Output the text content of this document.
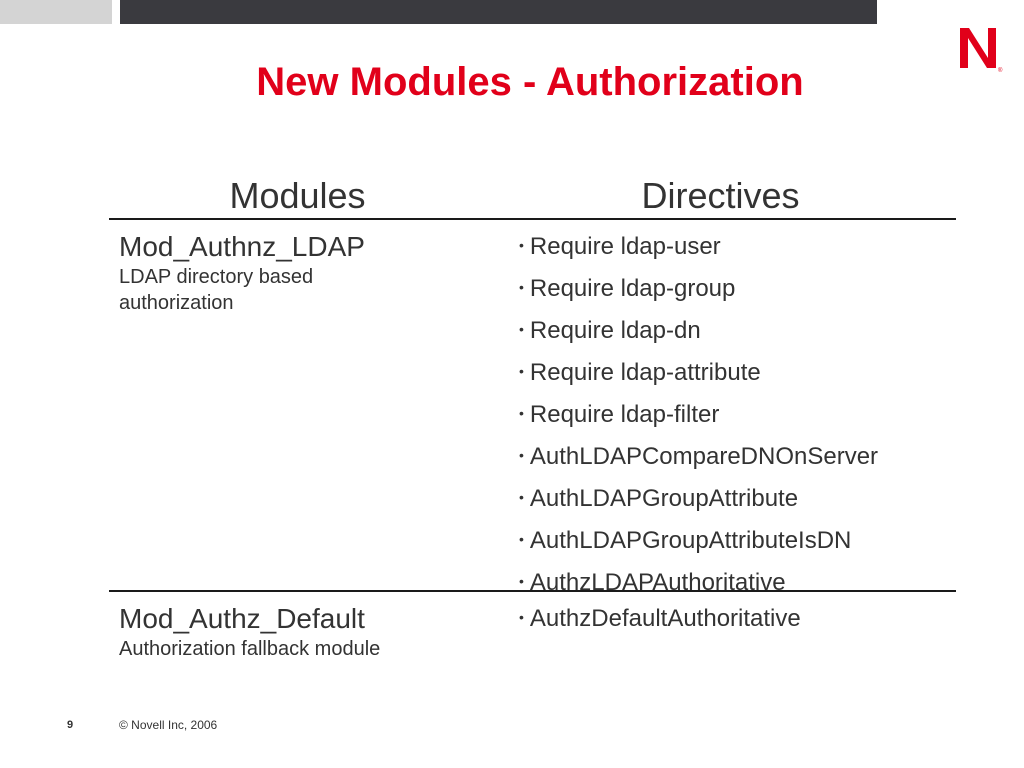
®
New Modules - Authorization
Modules	Directives
Mod_Authnz_LDAP
LDAP directory based
authorization
• Require ldap-user
• Require ldap-group
• Require ldap-dn
• Require ldap-attribute
• Require ldap-filter
• AuthLDAPCompareDNOnServer
• AuthLDAPGroupAttribute
• AuthLDAPGroupAttributeIsDN
• AuthzLDAPAuthoritative
Mod_Authz_Default
Authorization fallback module
• AuthzDefaultAuthoritative
9	© Novell Inc, 2006
